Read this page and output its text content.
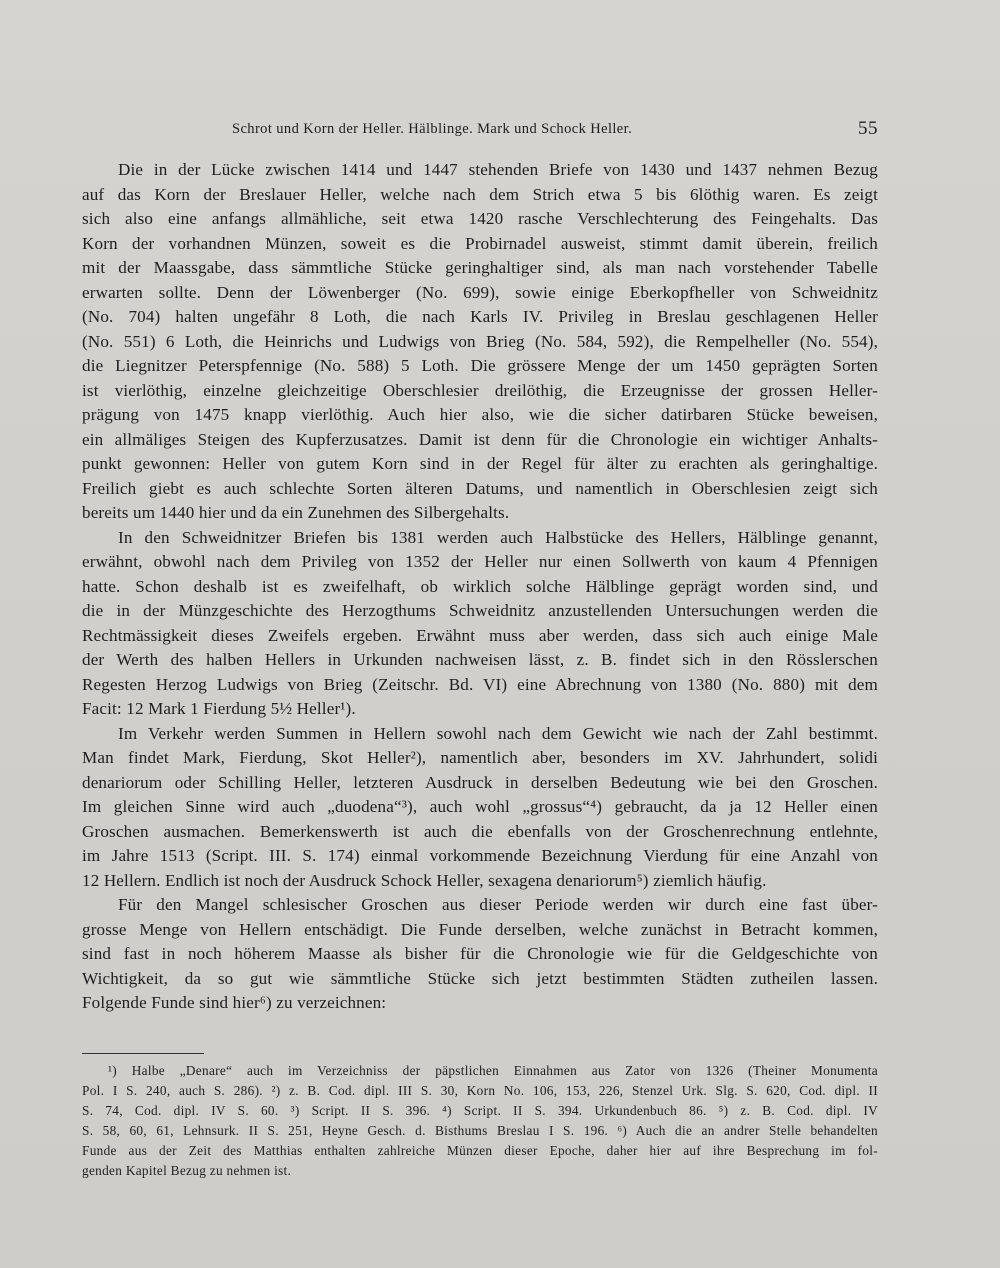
Schrot und Korn der Heller. Hälblinge. Mark und Schock Heller.	55

Die in der Lücke zwischen 1414 und 1447 stehenden Briefe von 1430 und 1437 nehmen Bezug
auf das Korn der Breslauer Heller, welche nach dem Strich etwa 5 bis 6löthig waren. Es zeigt
sich also eine anfangs allmähliche, seit etwa 1420 rasche Verschlechterung des Feingehalts. Das
Korn der vorhandnen Münzen, soweit es die Probirnadel ausweist, stimmt damit überein, freilich
mit der Maassgabe, dass sämmtliche Stücke geringhaltiger sind, als man nach vorstehender Tabelle
erwarten sollte. Denn der Löwenberger (No. 699), sowie einige Eberkopfheller von Schweidnitz
(No. 704) halten ungefähr 8 Loth, die nach Karls IV. Privileg in Breslau geschlagenen Heller
(No. 551) 6 Loth, die Heinrichs und Ludwigs von Brieg (No. 584, 592), die Rempelheller (No. 554),
die Liegnitzer Peterspfennige (No. 588) 5 Loth. Die grössere Menge der um 1450 geprägten Sorten
ist vierlöthig, einzelne gleichzeitige Oberschlesier dreilöthig, die Erzeugnisse der grossen Heller-
prägung von 1475 knapp vierlöthig. Auch hier also, wie die sicher datirbaren Stücke beweisen,
ein allmäliges Steigen des Kupferzusatzes. Damit ist denn für die Chronologie ein wichtiger Anhalts-
punkt gewonnen: Heller von gutem Korn sind in der Regel für älter zu erachten als geringhaltige.
Freilich giebt es auch schlechte Sorten älteren Datums, und namentlich in Oberschlesien zeigt sich
bereits um 1440 hier und da ein Zunehmen des Silbergehalts.

In den Schweidnitzer Briefen bis 1381 werden auch Halbstücke des Hellers, Hälblinge genannt,
erwähnt, obwohl nach dem Privileg von 1352 der Heller nur einen Sollwerth von kaum 4 Pfennigen
hatte. Schon deshalb ist es zweifelhaft, ob wirklich solche Hälblinge geprägt worden sind, und
die in der Münzgeschichte des Herzogthums Schweidnitz anzustellenden Untersuchungen werden die
Rechtmässigkeit dieses Zweifels ergeben. Erwähnt muss aber werden, dass sich auch einige Male
der Werth des halben Hellers in Urkunden nachweisen lässt, z. B. findet sich in den Rösslerschen
Regesten Herzog Ludwigs von Brieg (Zeitschr. Bd. VI) eine Abrechnung von 1380 (No. 880) mit dem
Facit: 12 Mark 1 Fierdung 5½ Heller¹).

Im Verkehr werden Summen in Hellern sowohl nach dem Gewicht wie nach der Zahl bestimmt.
Man findet Mark, Fierdung, Skot Heller²), namentlich aber, besonders im XV. Jahrhundert, solidi
denariorum oder Schilling Heller, letzteren Ausdruck in derselben Bedeutung wie bei den Groschen.
Im gleichen Sinne wird auch „duodena“³), auch wohl „grossus“⁴) gebraucht, da ja 12 Heller einen
Groschen ausmachen. Bemerkenswerth ist auch die ebenfalls von der Groschenrechnung entlehnte,
im Jahre 1513 (Script. III. S. 174) einmal vorkommende Bezeichnung Vierdung für eine Anzahl von
12 Hellern. Endlich ist noch der Ausdruck Schock Heller, sexagena denariorum⁵) ziemlich häufig.

Für den Mangel schlesischer Groschen aus dieser Periode werden wir durch eine fast über-
grosse Menge von Hellern entschädigt. Die Funde derselben, welche zunächst in Betracht kommen,
sind fast in noch höherem Maasse als bisher für die Chronologie wie für die Geldgeschichte von
Wichtigkeit, da so gut wie sämmtliche Stücke sich jetzt bestimmten Städten zutheilen lassen.
Folgende Funde sind hier⁶) zu verzeichnen:

¹) Halbe „Denare“ auch im Verzeichniss der päpstlichen Einnahmen aus Zator von 1326 (Theiner Monumenta
Pol. I S. 240, auch S. 286). ²) z. B. Cod. dipl. III S. 30, Korn No. 106, 153, 226, Stenzel Urk. Slg. S. 620, Cod. dipl. II
S. 74, Cod. dipl. IV S. 60. ³) Script. II S. 396. ⁴) Script. II S. 394. Urkundenbuch 86. ⁵) z. B. Cod. dipl. IV
S. 58, 60, 61, Lehnsurk. II S. 251, Heyne Gesch. d. Bisthums Breslau I S. 196. ⁶) Auch die an andrer Stelle behandelten
Funde aus der Zeit des Matthias enthalten zahlreiche Münzen dieser Epoche, daher hier auf ihre Besprechung im fol-
genden Kapitel Bezug zu nehmen ist.
